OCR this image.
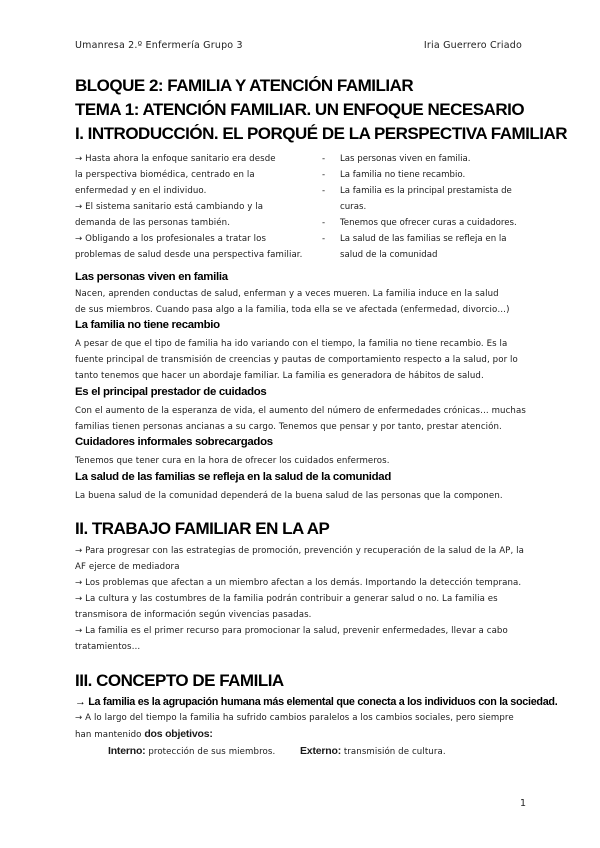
Umanresa 2.º Enfermería Grupo 3	Iria Guerrero Criado
BLOQUE 2: FAMILIA Y ATENCIÓN FAMILIAR
TEMA 1: ATENCIÓN FAMILIAR. UN ENFOQUE NECESARIO
I. INTRODUCCIÓN. EL PORQUÉ DE LA PERSPECTIVA FAMILIAR
→ Hasta ahora la enfoque sanitario era desde
la perspectiva biomédica, centrado en la
enfermedad y en el individuo.
→ El sistema sanitario está cambiando y la
demanda de las personas también.
→ Obligando a los profesionales a tratar los
problemas de salud desde una perspectiva familiar.
- Las personas viven en familia.
- La familia no tiene recambio.
- La familia es la principal prestamista de curas.
- Tenemos que ofrecer curas a cuidadores.
- La salud de las familias se refleja en la salud de la comunidad
Las personas viven en familia
Nacen, aprenden conductas de salud, enferman y a veces mueren. La familia induce en la salud
de sus miembros. Cuando pasa algo a la familia, toda ella se ve afectada (enfermedad, divorcio…)
La familia no tiene recambio
A pesar de que el tipo de familia ha ido variando con el tiempo, la familia no tiene recambio. Es la
fuente principal de transmisión de creencias y pautas de comportamiento respecto a la salud, por lo
tanto tenemos que hacer un abordaje familiar. La familia es generadora de hábitos de salud.
Es el principal prestador de cuidados
Con el aumento de la esperanza de vida, el aumento del número de enfermedades crónicas… muchas
familias tienen personas ancianas a su cargo. Tenemos que pensar y por tanto, prestar atención.
Cuidadores informales sobrecargados
Tenemos que tener cura en la hora de ofrecer los cuidados enfermeros.
La salud de las familias se refleja en la salud de la comunidad
La buena salud de la comunidad dependerá de la buena salud de las personas que la componen.
II. TRABAJO FAMILIAR EN LA AP
→ Para progresar con las estrategias de promoción, prevención y recuperación de la salud de la AP, la
AF ejerce de mediadora
→ Los problemas que afectan a un miembro afectan a los demás. Importando la detección temprana.
→ La cultura y las costumbres de la familia podrán contribuir a generar salud o no. La familia es
transmisora de información según vivencias pasadas.
→ La familia es el primer recurso para promocionar la salud, prevenir enfermedades, llevar a cabo
tratamientos…
III. CONCEPTO DE FAMILIA
→ La familia es la agrupación humana más elemental que conecta a los individuos con la sociedad.
→ A lo largo del tiempo la familia ha sufrido cambios paralelos a los cambios sociales, pero siempre
han mantenido dos objetivos:
Interno: protección de sus miembros. Externo: transmisión de cultura.
1
